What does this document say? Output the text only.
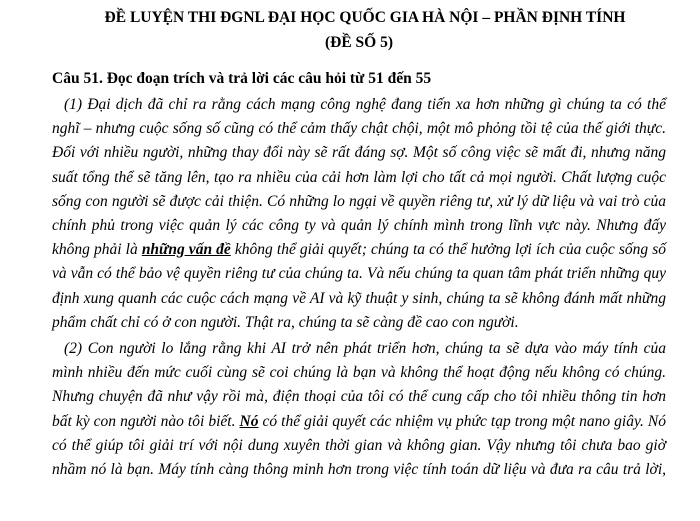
ĐỀ LUYỆN THI ĐGNL ĐẠI HỌC QUỐC GIA HÀ NỘI – PHẦN ĐỊNH TÍNH
(ĐỀ SỐ 5)
Câu 51. Đọc đoạn trích và trả lời các câu hỏi từ 51 đến 55
(1) Đại dịch đã chỉ ra rằng cách mạng công nghệ đang tiến xa hơn những gì chúng ta có thể
nghĩ – nhưng cuộc sống số cũng có thể cảm thấy chật chội, một mô phỏng tồi tệ của thế giới thực.
Đối với nhiều người, những thay đổi này sẽ rất đáng sợ. Một số công việc sẽ mất đi, nhưng năng
suất tổng thể sẽ tăng lên, tạo ra nhiều của cải hơn làm lợi cho tất cả mọi người. Chất lượng cuộc
sống con người sẽ được cải thiện. Có những lo ngại về quyền riêng tư, xử lý dữ liệu và vai trò của
chính phủ trong việc quản lý các công ty và quản lý chính mình trong lĩnh vực này. Nhưng đấy
không phải là những vấn đề không thể giải quyết; chúng ta có thể hưởng lợi ích của cuộc sống số
và vẫn có thể bảo vệ quyền riêng tư của chúng ta. Và nếu chúng ta quan tâm phát triển những quy
định xung quanh các cuộc cách mạng về AI và kỹ thuật y sinh, chúng ta sẽ không đánh mất những
phẩm chất chỉ có ở con người. Thật ra, chúng ta sẽ càng đề cao con người.
(2) Con người lo lắng rằng khi AI trở nên phát triển hơn, chúng ta sẽ dựa vào máy tính của
mình nhiều đến mức cuối cùng sẽ coi chúng là bạn và không thể hoạt động nếu không có chúng.
Nhưng chuyện đã như vậy rồi mà, điện thoại của tôi có thể cung cấp cho tôi nhiều thông tin hơn
bất kỳ con người nào tôi biết. Nó có thể giải quyết các nhiệm vụ phức tạp trong một nano giây. Nó
có thể giúp tôi giải trí với nội dung xuyên thời gian và không gian. Vậy nhưng tôi chưa bao giờ
nhầm nó là bạn. Máy tính càng thông minh hơn trong việc tính toán dữ liệu và đưa ra câu trả lời,
